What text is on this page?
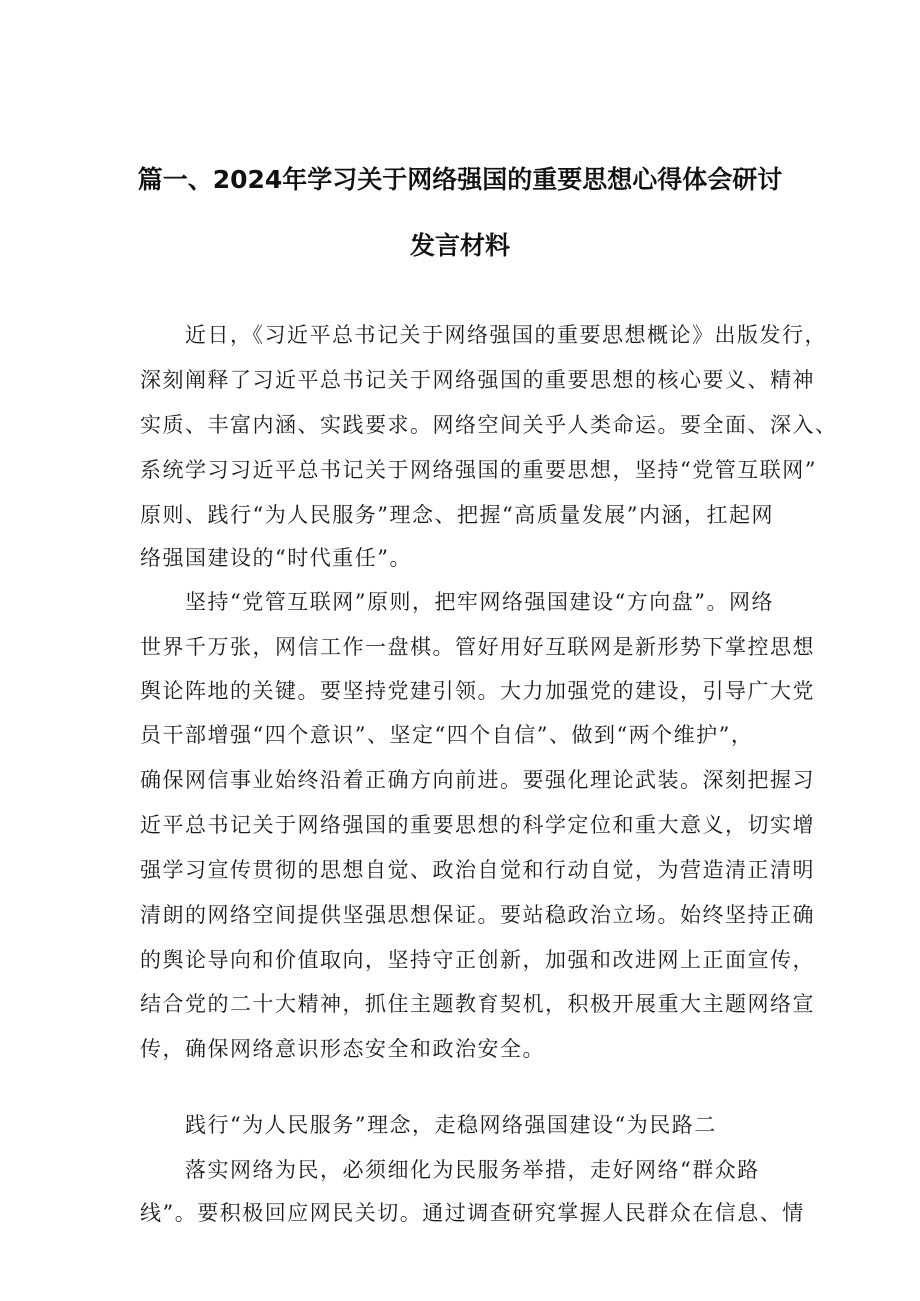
篇一、2024年学习关于网络强国的重要思想心得体会研讨
发言材料
近日，《习近平总书记关于网络强国的重要思想概论》出版发行，
深刻阐释了习近平总书记关于网络强国的重要思想的核心要义、精神
实质、丰富内涵、实践要求。网络空间关乎人类命运。要全面、深入、
系统学习习近平总书记关于网络强国的重要思想，坚持“党管互联网”
原则、践行“为人民服务”理念、把握“高质量发展”内涵，扛起网
络强国建设的“时代重任”。
坚持“党管互联网”原则，把牢网络强国建设“方向盘”。网络
世界千万张，网信工作一盘棋。管好用好互联网是新形势下掌控思想
舆论阵地的关键。要坚持党建引领。大力加强党的建设，引导广大党
员干部增强“四个意识”、坚定“四个自信”、做到“两个维护”，
确保网信事业始终沿着正确方向前进。要强化理论武装。深刻把握习
近平总书记关于网络强国的重要思想的科学定位和重大意义，切实增
强学习宣传贯彻的思想自觉、政治自觉和行动自觉，为营造清正清明
清朗的网络空间提供坚强思想保证。要站稳政治立场。始终坚持正确
的舆论导向和价值取向，坚持守正创新，加强和改进网上正面宣传，
结合党的二十大精神，抓住主题教育契机，积极开展重大主题网络宣
传，确保网络意识形态安全和政治安全。
践行“为人民服务”理念，走稳网络强国建设“为民路二
落实网络为民，必须细化为民服务举措，走好网络“群众路
线”。要积极回应网民关切。通过调查研究掌握人民群众在信息、情
